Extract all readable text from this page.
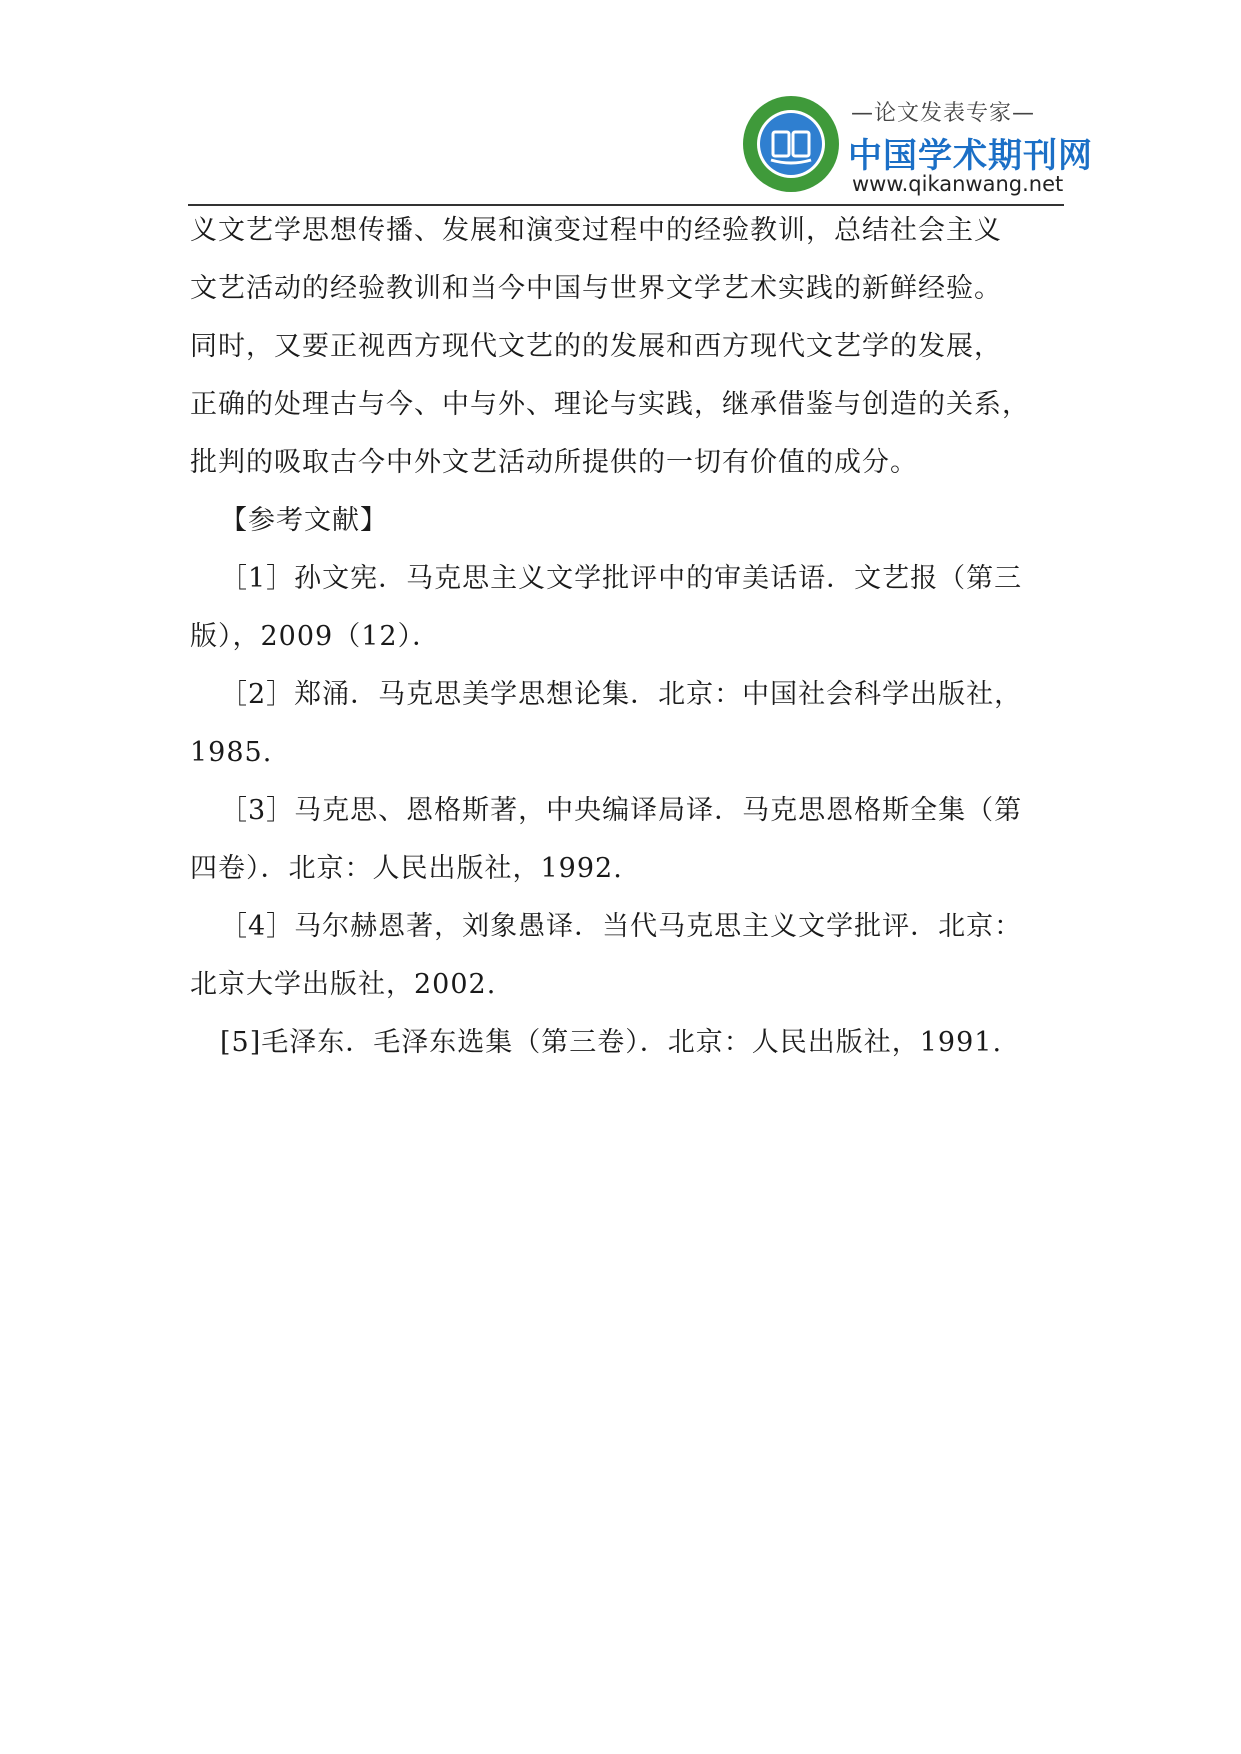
—论文发表专家—
中国学术期刊网
www.qikanwang.net
义文艺学思想传播、发展和演变过程中的经验教训，总结社会主义
文艺活动的经验教训和当今中国与世界文学艺术实践的新鲜经验。
同时，又要正视西方现代文艺的的发展和西方现代文艺学的发展，
正确的处理古与今、中与外、理论与实践，继承借鉴与创造的关系，
批判的吸取古今中外文艺活动所提供的一切有价值的成分。
【参考文献】
［1］孙文宪．马克思主义文学批评中的审美话语．文艺报（第三
版），2009（12）．
［2］郑涌．马克思美学思想论集．北京：中国社会科学出版社，
1985.
［3］马克思、恩格斯著，中央编译局译．马克思恩格斯全集（第
四卷）．北京：人民出版社，1992.
［4］马尔赫恩著，刘象愚译．当代马克思主义文学批评．北京：
北京大学出版社，2002.
[5]毛泽东．毛泽东选集（第三卷）．北京：人民出版社，1991.
